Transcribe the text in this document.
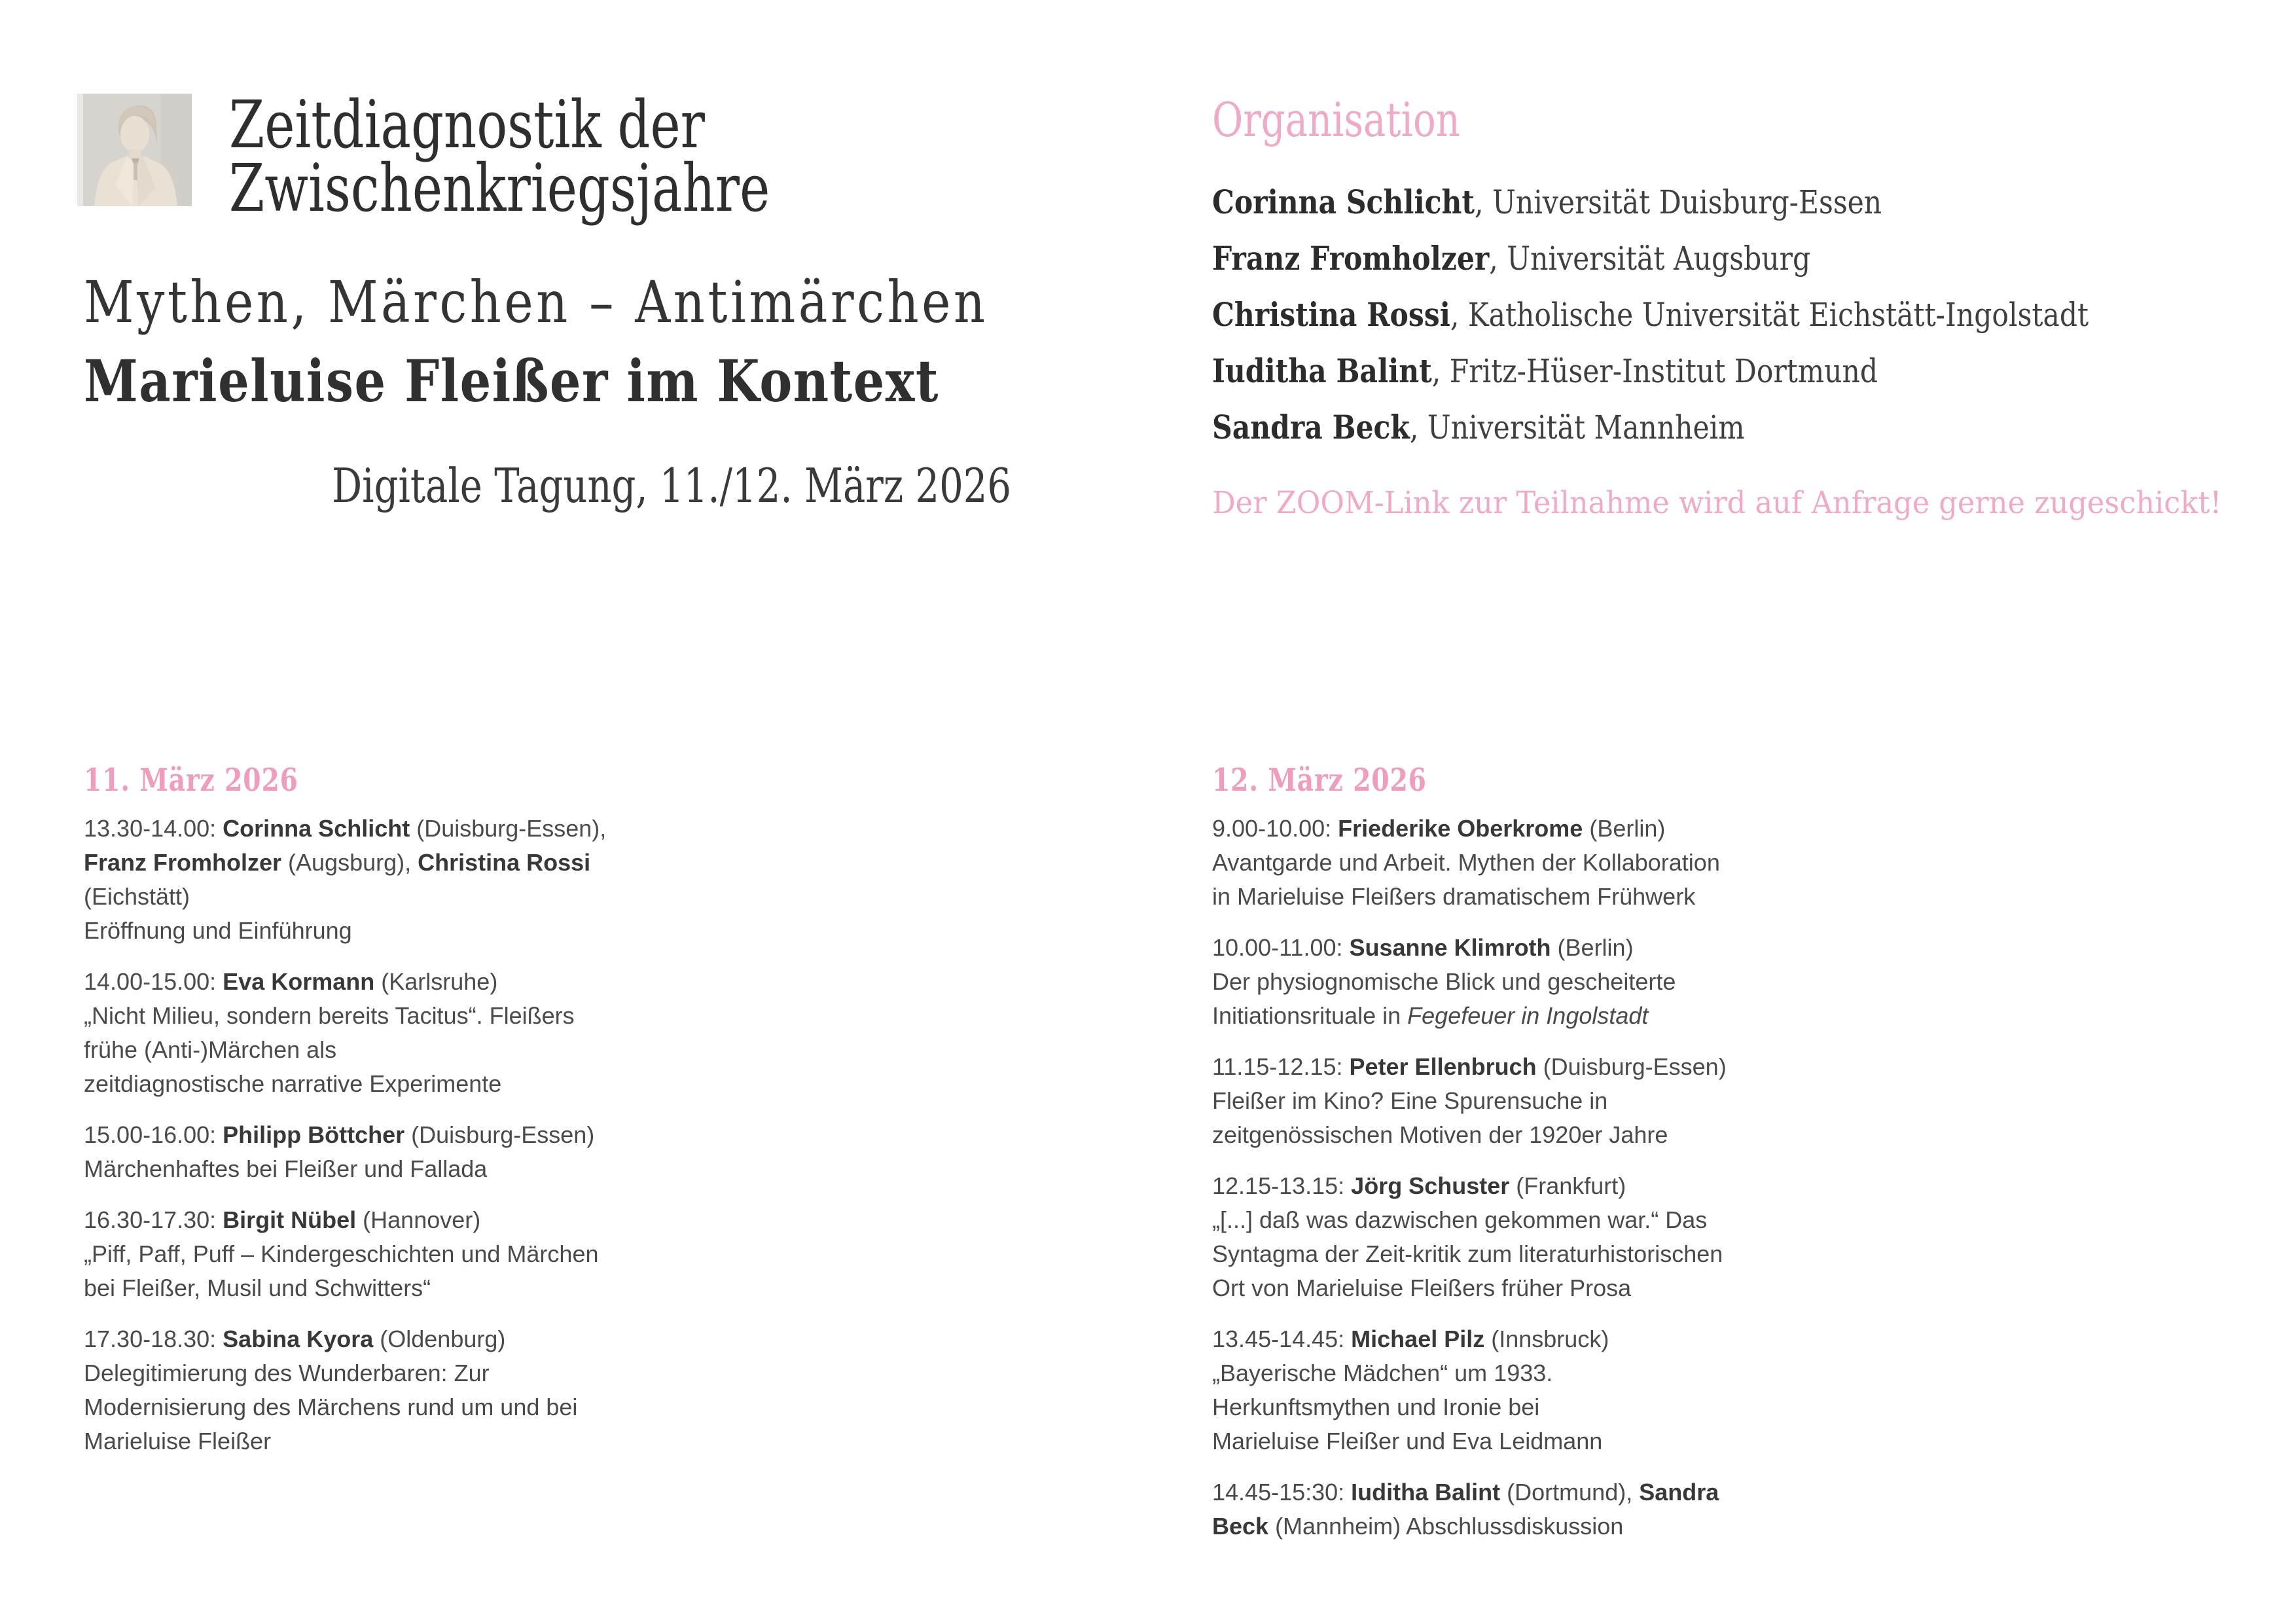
Zeitdiagnostik der
Zwischenkriegsjahre
Mythen, Märchen – Antimärchen
Marieluise Fleißer im Kontext
Digitale Tagung, 11./12. März 2026
Organisation
Corinna Schlicht, Universität Duisburg-Essen
Franz Fromholzer, Universität Augsburg
Christina Rossi, Katholische Universität Eichstätt-Ingolstadt
Iuditha Balint, Fritz-Hüser-Institut Dortmund
Sandra Beck, Universität Mannheim
Der ZOOM-Link zur Teilnahme wird auf Anfrage gerne zugeschickt!
11. März 2026	12. März 2026
13.30-14.00: Corinna Schlicht (Duisburg-Essen),
Franz Fromholzer (Augsburg), Christina Rossi
(Eichstätt)
Eröffnung und Einführung
14.00-15.00: Eva Kormann (Karlsruhe)
„Nicht Milieu, sondern bereits Tacitus“. Fleißers
frühe (Anti-)Märchen als
zeitdiagnostische narrative Experimente
15.00-16.00: Philipp Böttcher (Duisburg-Essen)
Märchenhaftes bei Fleißer und Fallada
16.30-17.30: Birgit Nübel (Hannover)
„Piff, Paff, Puff – Kindergeschichten und Märchen
bei Fleißer, Musil und Schwitters“
17.30-18.30: Sabina Kyora (Oldenburg)
Delegitimierung des Wunderbaren: Zur
Modernisierung des Märchens rund um und bei
Marieluise Fleißer
9.00-10.00: Friederike Oberkrome (Berlin)
Avantgarde und Arbeit. Mythen der Kollaboration
in Marieluise Fleißers dramatischem Frühwerk
10.00-11.00: Susanne Klimroth (Berlin)
Der physiognomische Blick und gescheiterte
Initiationsrituale in Fegefeuer in Ingolstadt
11.15-12.15: Peter Ellenbruch (Duisburg-Essen)
Fleißer im Kino? Eine Spurensuche in
zeitgenössischen Motiven der 1920er Jahre
12.15-13.15: Jörg Schuster (Frankfurt)
„[...] daß was dazwischen gekommen war.“ Das
Syntagma der Zeit-kritik zum literaturhistorischen
Ort von Marieluise Fleißers früher Prosa
13.45-14.45: Michael Pilz (Innsbruck)
„Bayerische Mädchen“ um 1933.
Herkunftsmythen und Ironie bei
Marieluise Fleißer und Eva Leidmann
14.45-15:30: Iuditha Balint (Dortmund), Sandra
Beck (Mannheim) Abschlussdiskussion
